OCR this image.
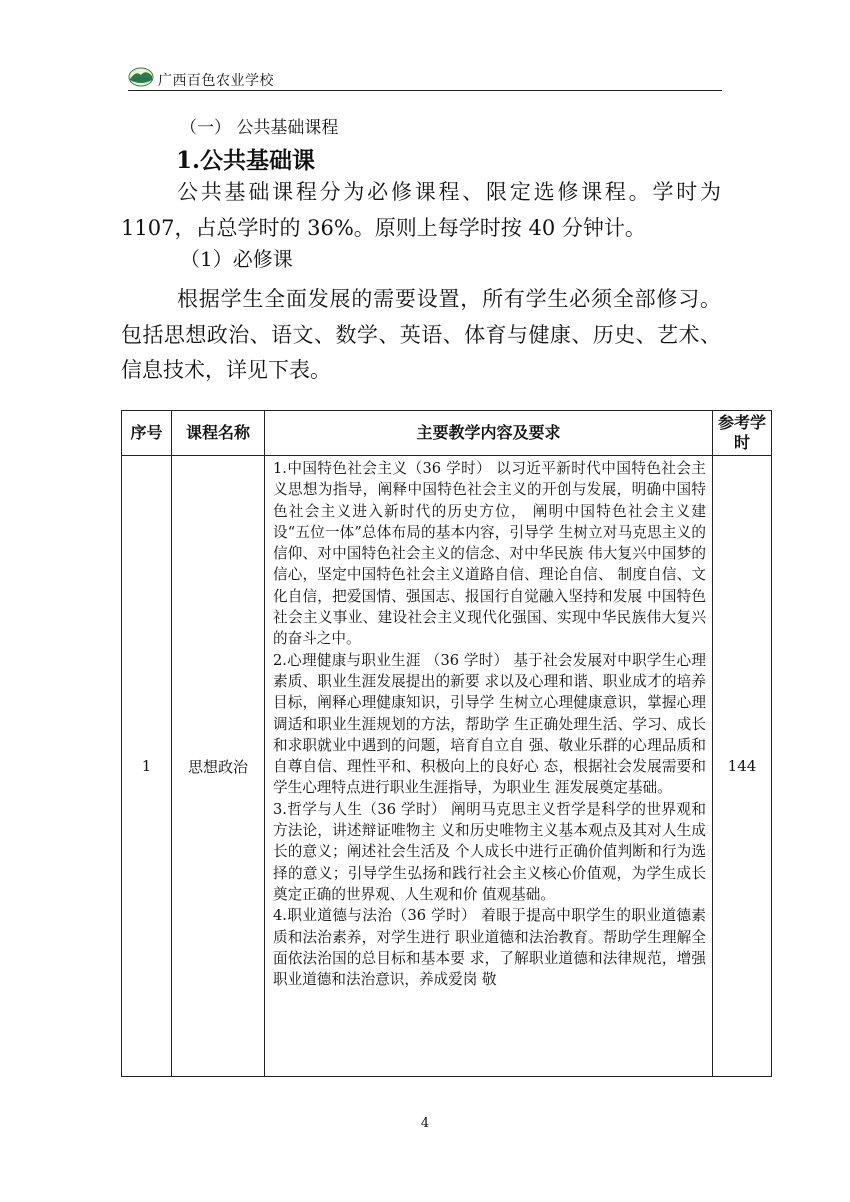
广西百色农业学校
（一） 公共基础课程
1.公共基础课

公共基础课程分为必修课程、限定选修课程。学时为1107，占总学时的 36%。原则上每学时按 40 分钟计。

（1）必修课

根据学生全面发展的需要设置，所有学生必须全部修习。包括思想政治、语文、数学、英语、体育与健康、历史、艺术、信息技术，详见下表。

序号	课程名称	主要教学内容及要求	参考学时
1	思想政治	1.中国特色社会主义（36 学时） 以习近平新时代中国特色社会主义思想为指导，阐释中国特色社会主义的开创与发展，明确中国特色社会主义进入新时代的历史方位， 阐明中国特色社会主义建设“五位一体”总体布局的基本内容，引导学 生树立对马克思主义的信仰、对中国特色社会主义的信念、对中华民族 伟大复兴中国梦的信心，坚定中国特色社会主义道路自信、理论自信、 制度自信、文化自信，把爱国情、强国志、报国行自觉融入坚持和发展 中国特色社会主义事业、建设社会主义现代化强国、实现中华民族伟大复兴的奋斗之中。

2.心理健康与职业生涯 （36 学时） 基于社会发展对中职学生心理素质、职业生涯发展提出的新要 求以及心理和谐、职业成才的培养目标，阐释心理健康知识，引导学 生树立心理健康意识，掌握心理调适和职业生涯规划的方法，帮助学 生正确处理生活、学习、成长和求职就业中遇到的问题，培育自立自 强、敬业乐群的心理品质和自尊自信、理性平和、积极向上的良好心 态，根据社会发展需要和学生心理特点进行职业生涯指导，为职业生 涯发展奠定基础。

3.哲学与人生（36 学时） 阐明马克思主义哲学是科学的世界观和方法论，讲述辩证唯物主 义和历史唯物主义基本观点及其对人生成长的意义；阐述社会生活及 个人成长中进行正确价值判断和行为选择的意义；引导学生弘扬和践行社会主义核心价值观，为学生成长奠定正确的世界观、人生观和价 值观基础。

4.职业道德与法治（36 学时） 着眼于提高中职学生的职业道德素质和法治素养，对学生进行 职业道德和法治教育。帮助学生理解全面依法治国的总目标和基本要 求，了解职业道德和法律规范，增强职业道德和法治意识，养成爱岗 敬	144
4
